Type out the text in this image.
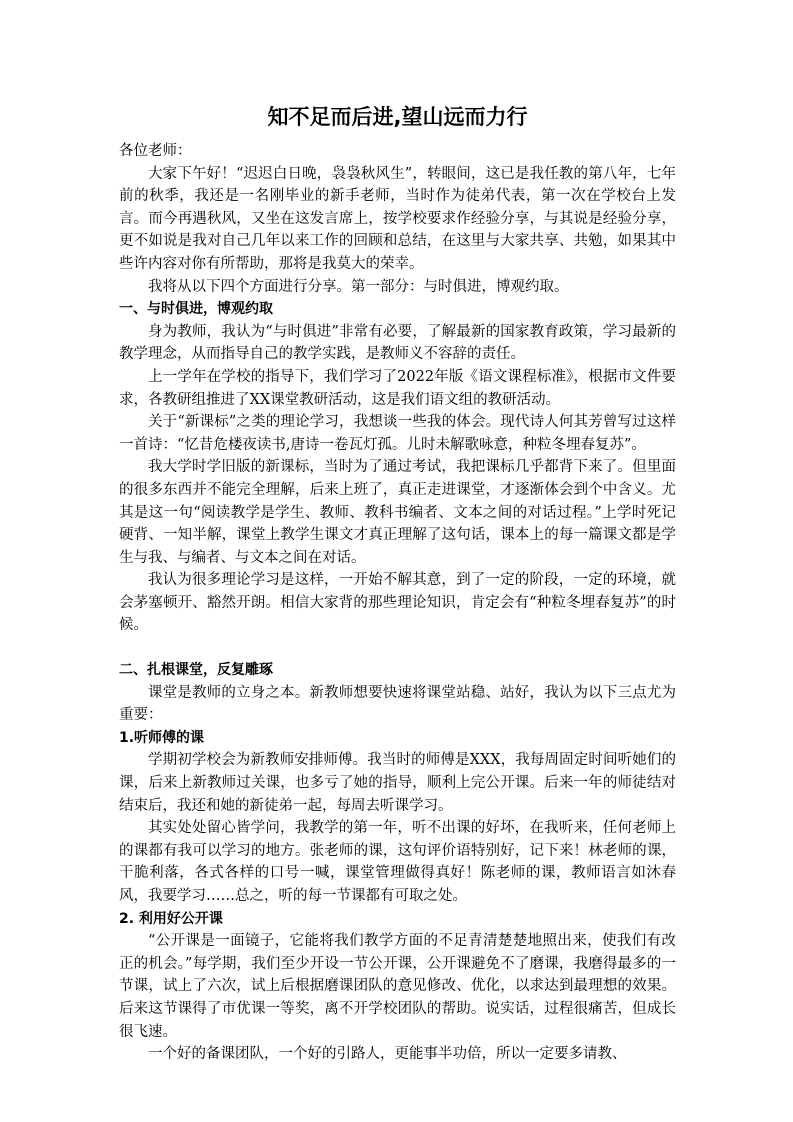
知不足而后进,望山远而力行

各位老师：

大家下午好！“迟迟白日晚，袅袅秋风生”，转眼间，这已是我任教的第八年，七年前的秋季，我还是一名刚毕业的新手老师，当时作为徒弟代表，第一次在学校台上发言。而今再遇秋风，又坐在这发言席上，按学校要求作经验分享，与其说是经验分享，更不如说是我对自己几年以来工作的回顾和总结，在这里与大家共享、共勉，如果其中些许内容对你有所帮助，那将是我莫大的荣幸。

我将从以下四个方面进行分享。第一部分：与时俱进，博观约取。

一、与时俱进，博观约取

身为教师，我认为“与时俱进”非常有必要，了解最新的国家教育政策，学习最新的教学理念，从而指导自己的教学实践，是教师义不容辞的责任。

上一学年在学校的指导下，我们学习了2022年版《语文课程标准》，根据市文件要求，各教研组推进了XX课堂教研活动，这是我们语文组的教研活动。

关于“新课标”之类的理论学习，我想谈一些我的体会。现代诗人何其芳曾写过这样一首诗：“忆昔危楼夜读书,唐诗一卷瓦灯孤。儿时未解歌咏意，种粒冬埋春复苏”。

我大学时学旧版的新课标，当时为了通过考试，我把课标几乎都背下来了。但里面的很多东西并不能完全理解，后来上班了，真正走进课堂，才逐渐体会到个中含义。尤其是这一句“阅读教学是学生、教师、教科书编者、文本之间的对话过程。”上学时死记硬背、一知半解，课堂上教学生课文才真正理解了这句话，课本上的每一篇课文都是学生与我、与编者、与文本之间在对话。

我认为很多理论学习是这样，一开始不解其意，到了一定的阶段，一定的环境，就会茅塞顿开、豁然开朗。相信大家背的那些理论知识，肯定会有“种粒冬埋春复苏”的时候。

二、扎根课堂，反复雕琢

课堂是教师的立身之本。新教师想要快速将课堂站稳、站好，我认为以下三点尤为重要：

1.听师傅的课

学期初学校会为新教师安排师傅。我当时的师傅是XXX，我每周固定时间听她们的课，后来上新教师过关课，也多亏了她的指导，顺利上完公开课。后来一年的师徒结对结束后，我还和她的新徒弟一起，每周去听课学习。

其实处处留心皆学问，我教学的第一年，听不出课的好坏，在我听来，任何老师上的课都有我可以学习的地方。张老师的课，这句评价语特别好，记下来！林老师的课，干脆利落，各式各样的口号一喊，课堂管理做得真好！陈老师的课，教师语言如沐春风，我要学习……总之，听的每一节课都有可取之处。

2. 利用好公开课

“公开课是一面镜子，它能将我们教学方面的不足青清楚楚地照出来，使我们有改正的机会。”每学期，我们至少开设一节公开课，公开课避免不了磨课，我磨得最多的一节课，试上了六次，试上后根据磨课团队的意见修改、优化，以求达到最理想的效果。后来这节课得了市优课一等奖，离不开学校团队的帮助。说实话，过程很痛苦，但成长很飞速。

一个好的备课团队，一个好的引路人，更能事半功倍，所以一定要多请教、
